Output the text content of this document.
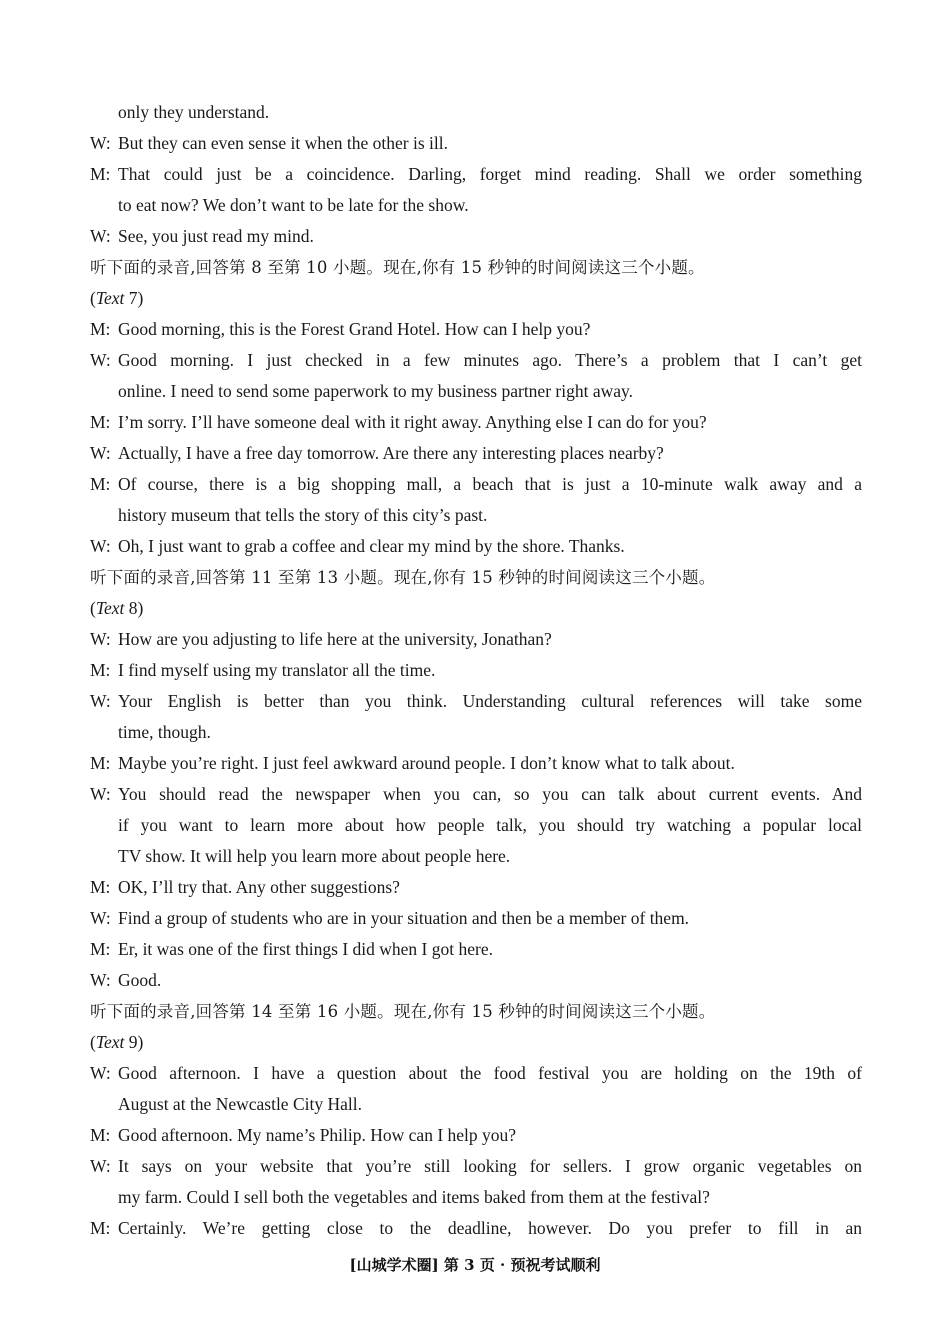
only they understand.
W: But they can even sense it when the other is ill.
M: That could just be a coincidence. Darling, forget mind reading. Shall we order something
to eat now? We don’t want to be late for the show.
W: See, you just read my mind.
听下面的录音,回答第 8 至第 10 小题。现在,你有 15 秒钟的时间阅读这三个小题。
(Text 7)
M: Good morning, this is the Forest Grand Hotel. How can I help you?
W: Good morning. I just checked in a few minutes ago. There’s a problem that I can’t get
online. I need to send some paperwork to my business partner right away.
M: I’m sorry. I’ll have someone deal with it right away. Anything else I can do for you?
W: Actually, I have a free day tomorrow. Are there any interesting places nearby?
M: Of course, there is a big shopping mall, a beach that is just a 10-minute walk away and a
history museum that tells the story of this city’s past.
W: Oh, I just want to grab a coffee and clear my mind by the shore. Thanks.
听下面的录音,回答第 11 至第 13 小题。现在,你有 15 秒钟的时间阅读这三个小题。
(Text 8)
W: How are you adjusting to life here at the university, Jonathan?
M: I find myself using my translator all the time.
W: Your English is better than you think. Understanding cultural references will take some
time, though.
M: Maybe you’re right. I just feel awkward around people. I don’t know what to talk about.
W: You should read the newspaper when you can, so you can talk about current events. And
if you want to learn more about how people talk, you should try watching a popular local
TV show. It will help you learn more about people here.
M: OK, I’ll try that. Any other suggestions?
W: Find a group of students who are in your situation and then be a member of them.
M: Er, it was one of the first things I did when I got here.
W: Good.
听下面的录音,回答第 14 至第 16 小题。现在,你有 15 秒钟的时间阅读这三个小题。
(Text 9)
W: Good afternoon. I have a question about the food festival you are holding on the 19th of
August at the Newcastle City Hall.
M: Good afternoon. My name’s Philip. How can I help you?
W: It says on your website that you’re still looking for sellers. I grow organic vegetables on
my farm. Could I sell both the vegetables and items baked from them at the festival?
M: Certainly. We’re getting close to the deadline, however. Do you prefer to fill in an
[山城学术圈] 第 3 页 · 预祝考试顺利
